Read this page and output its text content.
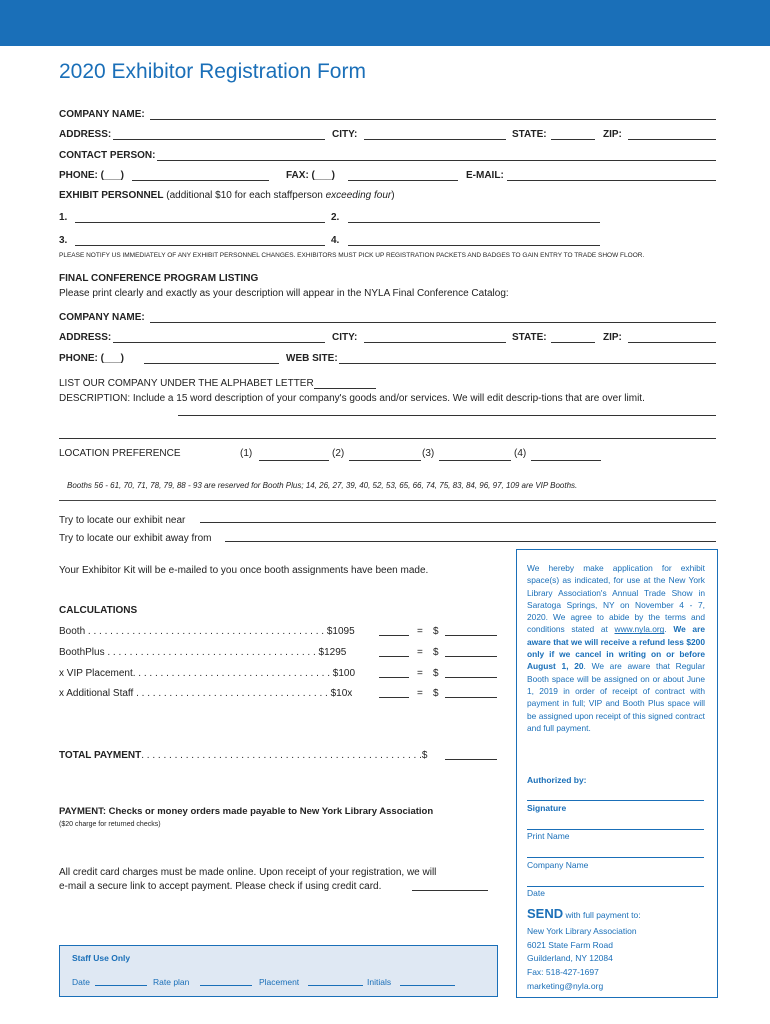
2020 Exhibitor Registration Form
COMPANY NAME:
ADDRESS:	CITY:	STATE:	ZIP:
CONTACT PERSON:
PHONE: (___)	FAX: (___)	E-MAIL:
EXHIBIT PERSONNEL (additional $10 for each staffperson exceeding four)
1.	2.
3.	4.
PLEASE NOTIFY US IMMEDIATELY OF ANY EXHIBIT PERSONNEL CHANGES. EXHIBITORS MUST PICK UP REGISTRATION PACKETS AND BADGES TO GAIN ENTRY TO TRADE SHOW FLOOR.
FINAL CONFERENCE PROGRAM LISTING
Please print clearly and exactly as your description will appear in the NYLA Final Conference Catalog:
COMPANY NAME:
ADDRESS:	CITY:	STATE:	ZIP:
PHONE: (___)	WEB SITE:
LIST OUR COMPANY UNDER THE ALPHABET LETTER
DESCRIPTION: Include a 15 word description of your company's goods and/or services. We will edit descrip-tions that are over limit.
LOCATION PREFERENCE	(1)	(2)	(3)	(4)
Booths 56 - 61, 70, 71, 78, 79, 88 - 93 are reserved for Booth Plus; 14, 26, 27, 39, 40, 52, 53, 65, 66, 74, 75, 83, 84, 96, 97, 109 are VIP Booths.
Try to locate our exhibit near
Try to locate our exhibit away from
Your Exhibitor Kit will be e-mailed to you once booth assignments have been made.
CALCULATIONS
Booth . . . . . . . . . . . . . . . . . . . . . . . . . . . . . . . . . . . . . . . . . . . $1095	= $
BoothPlus . . . . . . . . . . . . . . . . . . . . . . . . . . . . . . . . . . . . . . $1295	= $
x VIP Placement. . . . . . . . . . . . . . . . . . . . . . . . . . . . . . . . . . . . $100	= $
x Additional Staff . . . . . . . . . . . . . . . . . . . . . . . . . . . . . . . . . . . $10x	= $
TOTAL PAYMENT. . . . . . . . . . . . . . . . . . . . . . . . . . . . . . . . . . . . . . . . . . . . . . . . . . .$
PAYMENT: Checks or money orders made payable to New York Library Association
($20 charge for returned checks)
All credit card charges must be made online. Upon receipt of your registration, we will
e-mail a secure link to accept payment. Please check if using credit card.
Staff Use Only
Date	Rate plan	Placement	Initials
We hereby make application for exhibit space(s) as indicated, for use at the New York Library Association's Annual Trade Show in Saratoga Springs, NY on November 4 - 7, 2020. We agree to abide by the terms and conditions stated at www.nyla.org. We are aware that we will receive a refund less $200 only if we cancel in writing on or before August 1, 20. We are aware that Regular Booth space will be assigned on or about June 1, 2019 in order of receipt of contract with payment in full; VIP and Booth Plus space will be assigned upon receipt of this signed contract and full payment.
Authorized by:
Signature
Print Name
Company Name
Date
SEND with full payment to:
New York Library Association
6021 State Farm Road
Guilderland, NY 12084
Fax: 518-427-1697
marketing@nyla.org
